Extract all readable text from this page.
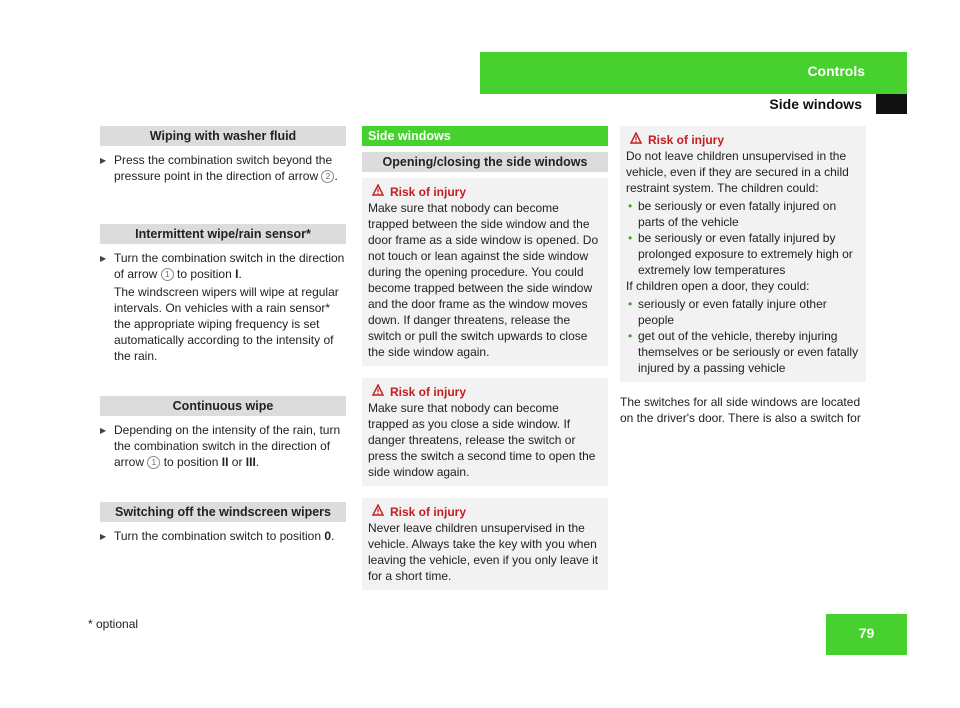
Controls
Side windows
Wiping with washer fluid
▶ Press the combination switch beyond the pressure point in the direction of arrow 2 .
Intermittent wipe/rain sensor*
▶ Turn the combination switch in the direction of arrow 1 to position I.
The windscreen wipers will wipe at regular intervals. On vehicles with a rain sensor* the appropriate wiping frequency is set automatically according to the intensity of the rain.
Continuous wipe
▶ Depending on the intensity of the rain, turn the combination switch in the direction of arrow 1 to position II or III.
Switching off the windscreen wipers
▶ Turn the combination switch to position 0.
Side windows
Opening/closing the side windows
Risk of injury
Make sure that nobody can become trapped between the side window and the door frame as a side window is opened. Do not touch or lean against the side window during the opening procedure. You could become trapped between the side window and the door frame as the window moves down. If danger threatens, release the switch or pull the switch upwards to close the side window again.
Risk of injury
Make sure that nobody can become trapped as you close a side window. If danger threatens, release the switch or press the switch a second time to open the side window again.
Risk of injury
Never leave children unsupervised in the vehicle. Always take the key with you when leaving the vehicle, even if you only leave it for a short time.
Risk of injury
Do not leave children unsupervised in the vehicle, even if they are secured in a child restraint system. The children could:
• be seriously or even fatally injured on parts of the vehicle
• be seriously or even fatally injured by prolonged exposure to extremely high or extremely low temperatures
If children open a door, they could:
• seriously or even fatally injure other people
• get out of the vehicle, thereby injuring themselves or be seriously or even fatally injured by a passing vehicle
The switches for all side windows are located on the driver's door. There is also a switch for
* optional
79
